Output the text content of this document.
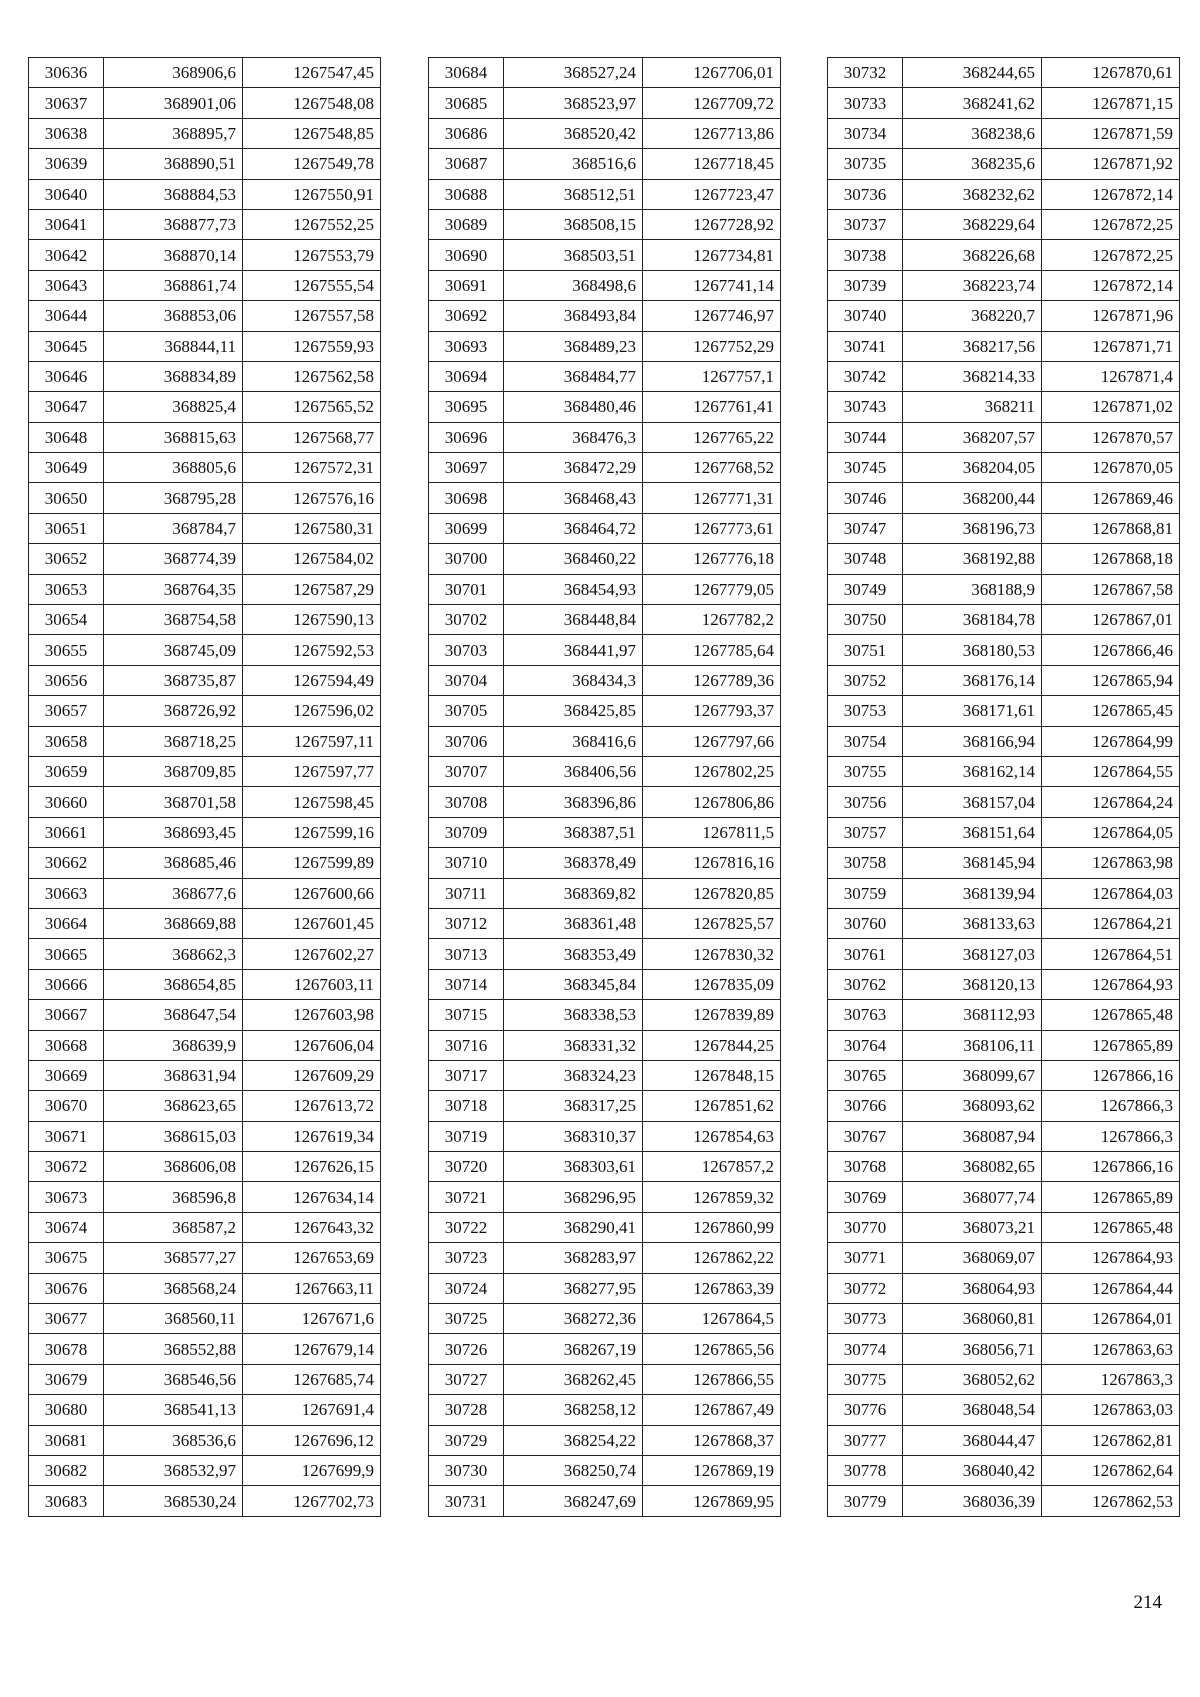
30636	368906,6	1267547,45
30637	368901,06	1267548,08
30638	368895,7	1267548,85
30639	368890,51	1267549,78
30640	368884,53	1267550,91
30641	368877,73	1267552,25
30642	368870,14	1267553,79
30643	368861,74	1267555,54
30644	368853,06	1267557,58
30645	368844,11	1267559,93
30646	368834,89	1267562,58
30647	368825,4	1267565,52
30648	368815,63	1267568,77
30649	368805,6	1267572,31
30650	368795,28	1267576,16
30651	368784,7	1267580,31
30652	368774,39	1267584,02
30653	368764,35	1267587,29
30654	368754,58	1267590,13
30655	368745,09	1267592,53
30656	368735,87	1267594,49
30657	368726,92	1267596,02
30658	368718,25	1267597,11
30659	368709,85	1267597,77
30660	368701,58	1267598,45
30661	368693,45	1267599,16
30662	368685,46	1267599,89
30663	368677,6	1267600,66
30664	368669,88	1267601,45
30665	368662,3	1267602,27
30666	368654,85	1267603,11
30667	368647,54	1267603,98
30668	368639,9	1267606,04
30669	368631,94	1267609,29
30670	368623,65	1267613,72
30671	368615,03	1267619,34
30672	368606,08	1267626,15
30673	368596,8	1267634,14
30674	368587,2	1267643,32
30675	368577,27	1267653,69
30676	368568,24	1267663,11
30677	368560,11	1267671,6
30678	368552,88	1267679,14
30679	368546,56	1267685,74
30680	368541,13	1267691,4
30681	368536,6	1267696,12
30682	368532,97	1267699,9
30683	368530,24	1267702,73
30684	368527,24	1267706,01
30685	368523,97	1267709,72
30686	368520,42	1267713,86
30687	368516,6	1267718,45
30688	368512,51	1267723,47
30689	368508,15	1267728,92
30690	368503,51	1267734,81
30691	368498,6	1267741,14
30692	368493,84	1267746,97
30693	368489,23	1267752,29
30694	368484,77	1267757,1
30695	368480,46	1267761,41
30696	368476,3	1267765,22
30697	368472,29	1267768,52
30698	368468,43	1267771,31
30699	368464,72	1267773,61
30700	368460,22	1267776,18
30701	368454,93	1267779,05
30702	368448,84	1267782,2
30703	368441,97	1267785,64
30704	368434,3	1267789,36
30705	368425,85	1267793,37
30706	368416,6	1267797,66
30707	368406,56	1267802,25
30708	368396,86	1267806,86
30709	368387,51	1267811,5
30710	368378,49	1267816,16
30711	368369,82	1267820,85
30712	368361,48	1267825,57
30713	368353,49	1267830,32
30714	368345,84	1267835,09
30715	368338,53	1267839,89
30716	368331,32	1267844,25
30717	368324,23	1267848,15
30718	368317,25	1267851,62
30719	368310,37	1267854,63
30720	368303,61	1267857,2
30721	368296,95	1267859,32
30722	368290,41	1267860,99
30723	368283,97	1267862,22
30724	368277,95	1267863,39
30725	368272,36	1267864,5
30726	368267,19	1267865,56
30727	368262,45	1267866,55
30728	368258,12	1267867,49
30729	368254,22	1267868,37
30730	368250,74	1267869,19
30731	368247,69	1267869,95
30732	368244,65	1267870,61
30733	368241,62	1267871,15
30734	368238,6	1267871,59
30735	368235,6	1267871,92
30736	368232,62	1267872,14
30737	368229,64	1267872,25
30738	368226,68	1267872,25
30739	368223,74	1267872,14
30740	368220,7	1267871,96
30741	368217,56	1267871,71
30742	368214,33	1267871,4
30743	368211	1267871,02
30744	368207,57	1267870,57
30745	368204,05	1267870,05
30746	368200,44	1267869,46
30747	368196,73	1267868,81
30748	368192,88	1267868,18
30749	368188,9	1267867,58
30750	368184,78	1267867,01
30751	368180,53	1267866,46
30752	368176,14	1267865,94
30753	368171,61	1267865,45
30754	368166,94	1267864,99
30755	368162,14	1267864,55
30756	368157,04	1267864,24
30757	368151,64	1267864,05
30758	368145,94	1267863,98
30759	368139,94	1267864,03
30760	368133,63	1267864,21
30761	368127,03	1267864,51
30762	368120,13	1267864,93
30763	368112,93	1267865,48
30764	368106,11	1267865,89
30765	368099,67	1267866,16
30766	368093,62	1267866,3
30767	368087,94	1267866,3
30768	368082,65	1267866,16
30769	368077,74	1267865,89
30770	368073,21	1267865,48
30771	368069,07	1267864,93
30772	368064,93	1267864,44
30773	368060,81	1267864,01
30774	368056,71	1267863,63
30775	368052,62	1267863,3
30776	368048,54	1267863,03
30777	368044,47	1267862,81
30778	368040,42	1267862,64
30779	368036,39	1267862,53
214
